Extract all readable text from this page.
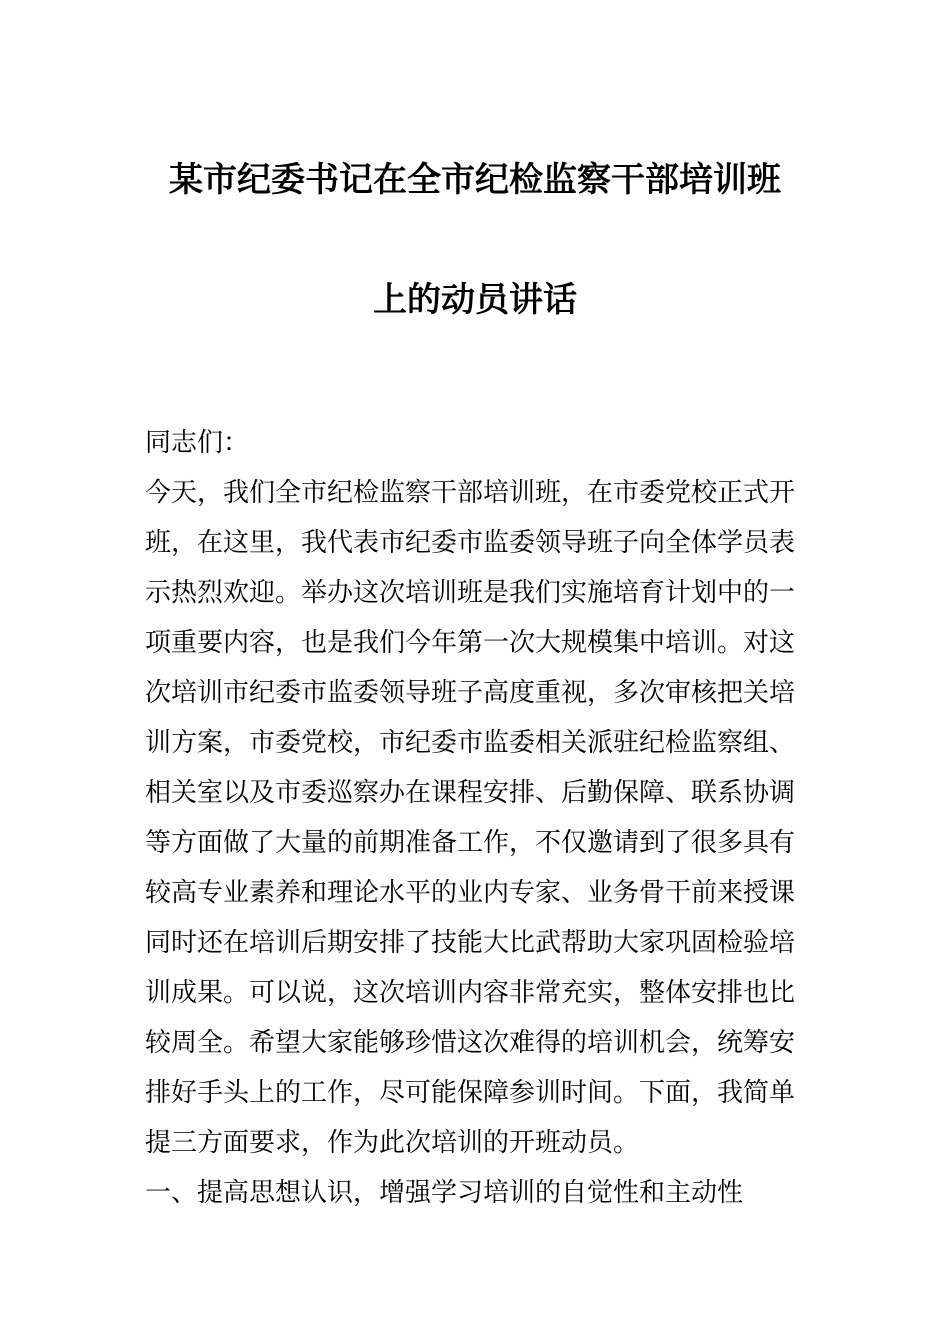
某市纪委书记在全市纪检监察干部培训班
上的动员讲话
同志们：
今天，我们全市纪检监察干部培训班，在市委党校正式开
班，在这里，我代表市纪委市监委领导班子向全体学员表
示热烈欢迎。举办这次培训班是我们实施培育计划中的一
项重要内容，也是我们今年第一次大规模集中培训。对这
次培训市纪委市监委领导班子高度重视，多次审核把关培
训方案，市委党校，市纪委市监委相关派驻纪检监察组、
相关室以及市委巡察办在课程安排、后勤保障、联系协调
等方面做了大量的前期准备工作，不仅邀请到了很多具有
较高专业素养和理论水平的业内专家、业务骨干前来授课
同时还在培训后期安排了技能大比武帮助大家巩固检验培
训成果。可以说，这次培训内容非常充实，整体安排也比
较周全。希望大家能够珍惜这次难得的培训机会，统筹安
排好手头上的工作，尽可能保障参训时间。下面，我简单
提三方面要求，作为此次培训的开班动员。
一、提高思想认识，增强学习培训的自觉性和主动性
